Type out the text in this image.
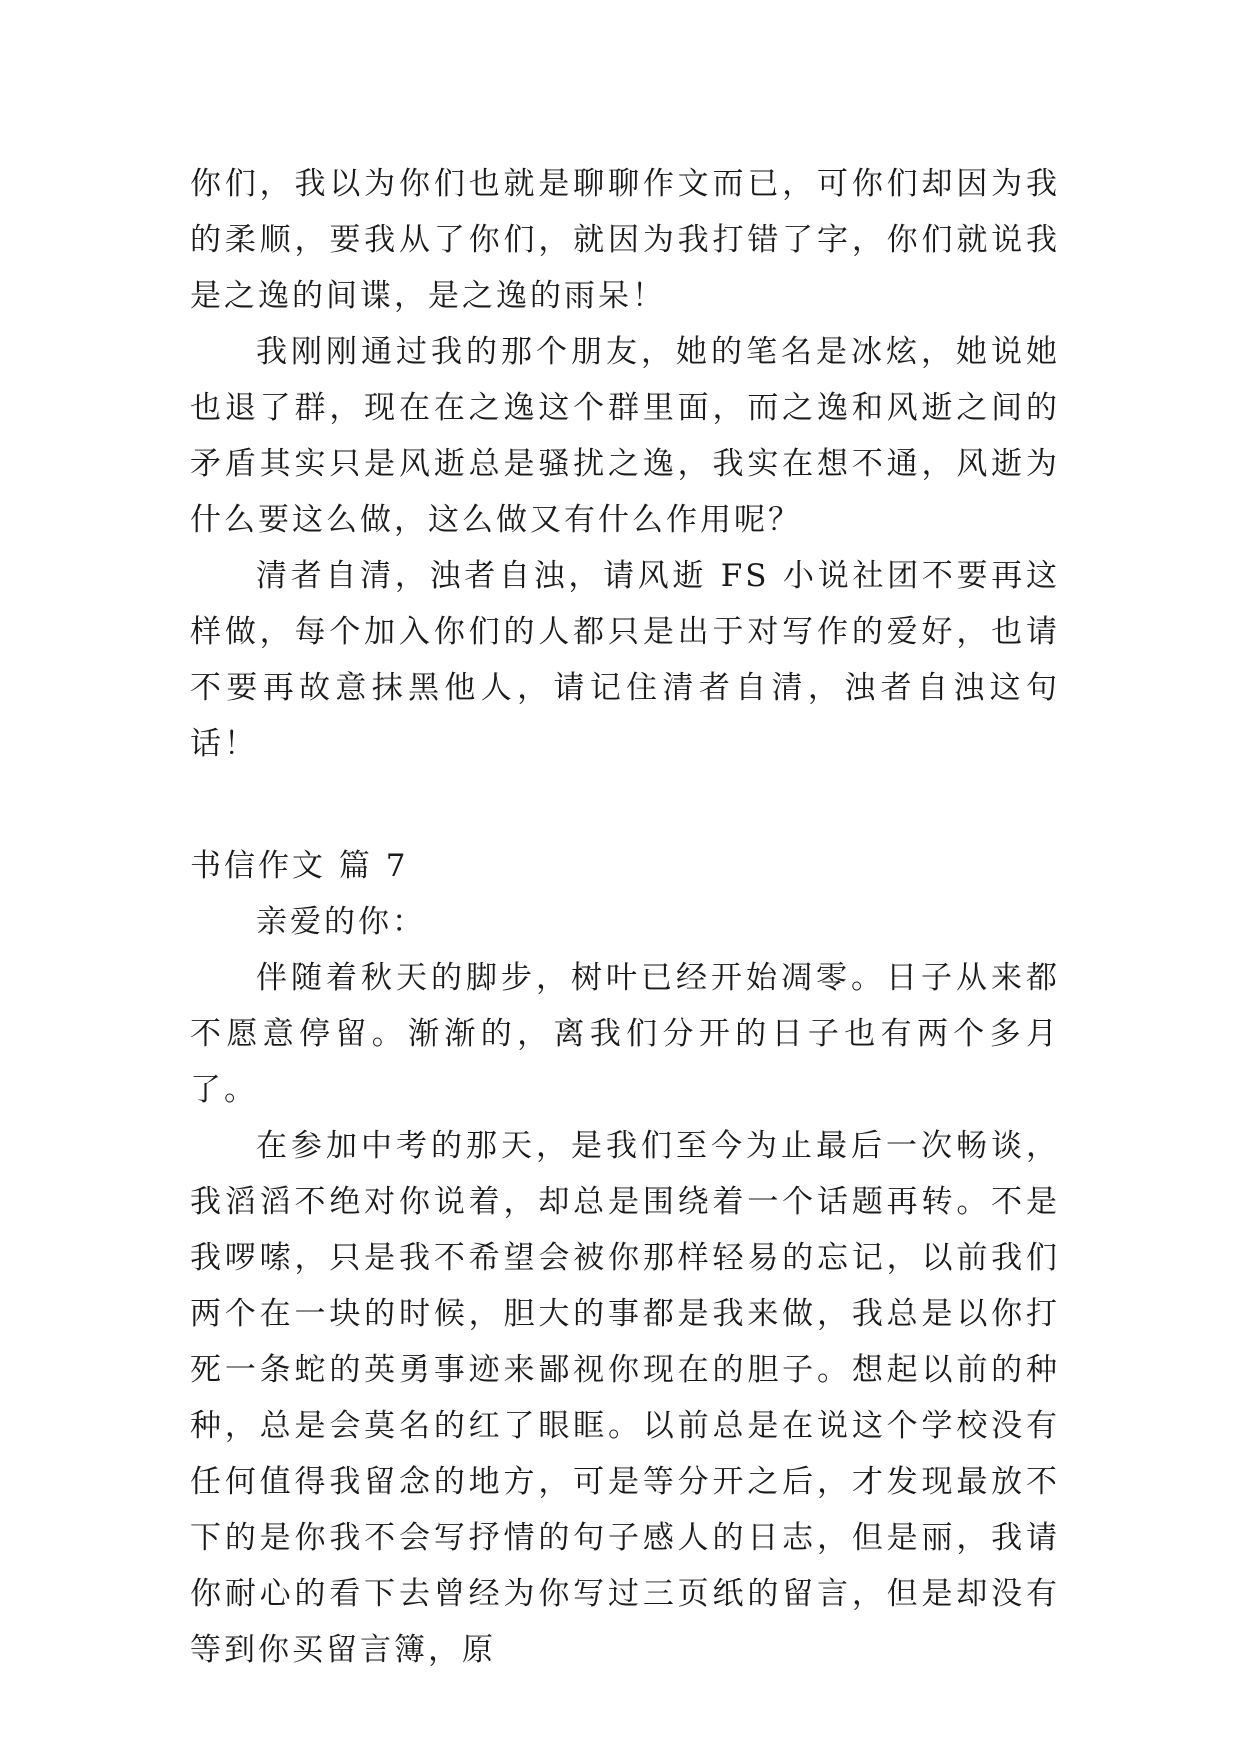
你们，我以为你们也就是聊聊作文而已，可你们却因为我的柔顺，要我从了你们，就因为我打错了字，你们就说我是之逸的间谍，是之逸的雨呆！

我刚刚通过我的那个朋友，她的笔名是冰炫，她说她也退了群，现在在之逸这个群里面，而之逸和风逝之间的矛盾其实只是风逝总是骚扰之逸，我实在想不通，风逝为什么要这么做，这么做又有什么作用呢？

清者自清，浊者自浊，请风逝 FS 小说社团不要再这样做，每个加入你们的人都只是出于对写作的爱好，也请不要再故意抹黑他人，请记住清者自清，浊者自浊这句话！

书信作文 篇 7

亲爱的你：

伴随着秋天的脚步，树叶已经开始凋零。日子从来都不愿意停留。渐渐的，离我们分开的日子也有两个多月了。

在参加中考的那天，是我们至今为止最后一次畅谈，我滔滔不绝对你说着，却总是围绕着一个话题再转。不是我啰嗦，只是我不希望会被你那样轻易的忘记，以前我们两个在一块的时候，胆大的事都是我来做，我总是以你打死一条蛇的英勇事迹来鄙视你现在的胆子。想起以前的种种，总是会莫名的红了眼眶。以前总是在说这个学校没有任何值得我留念的地方，可是等分开之后，才发现最放不下的是你我不会写抒情的句子感人的日志，但是丽，我请你耐心的看下去曾经为你写过三页纸的留言，但是却没有等到你买留言簿，原
